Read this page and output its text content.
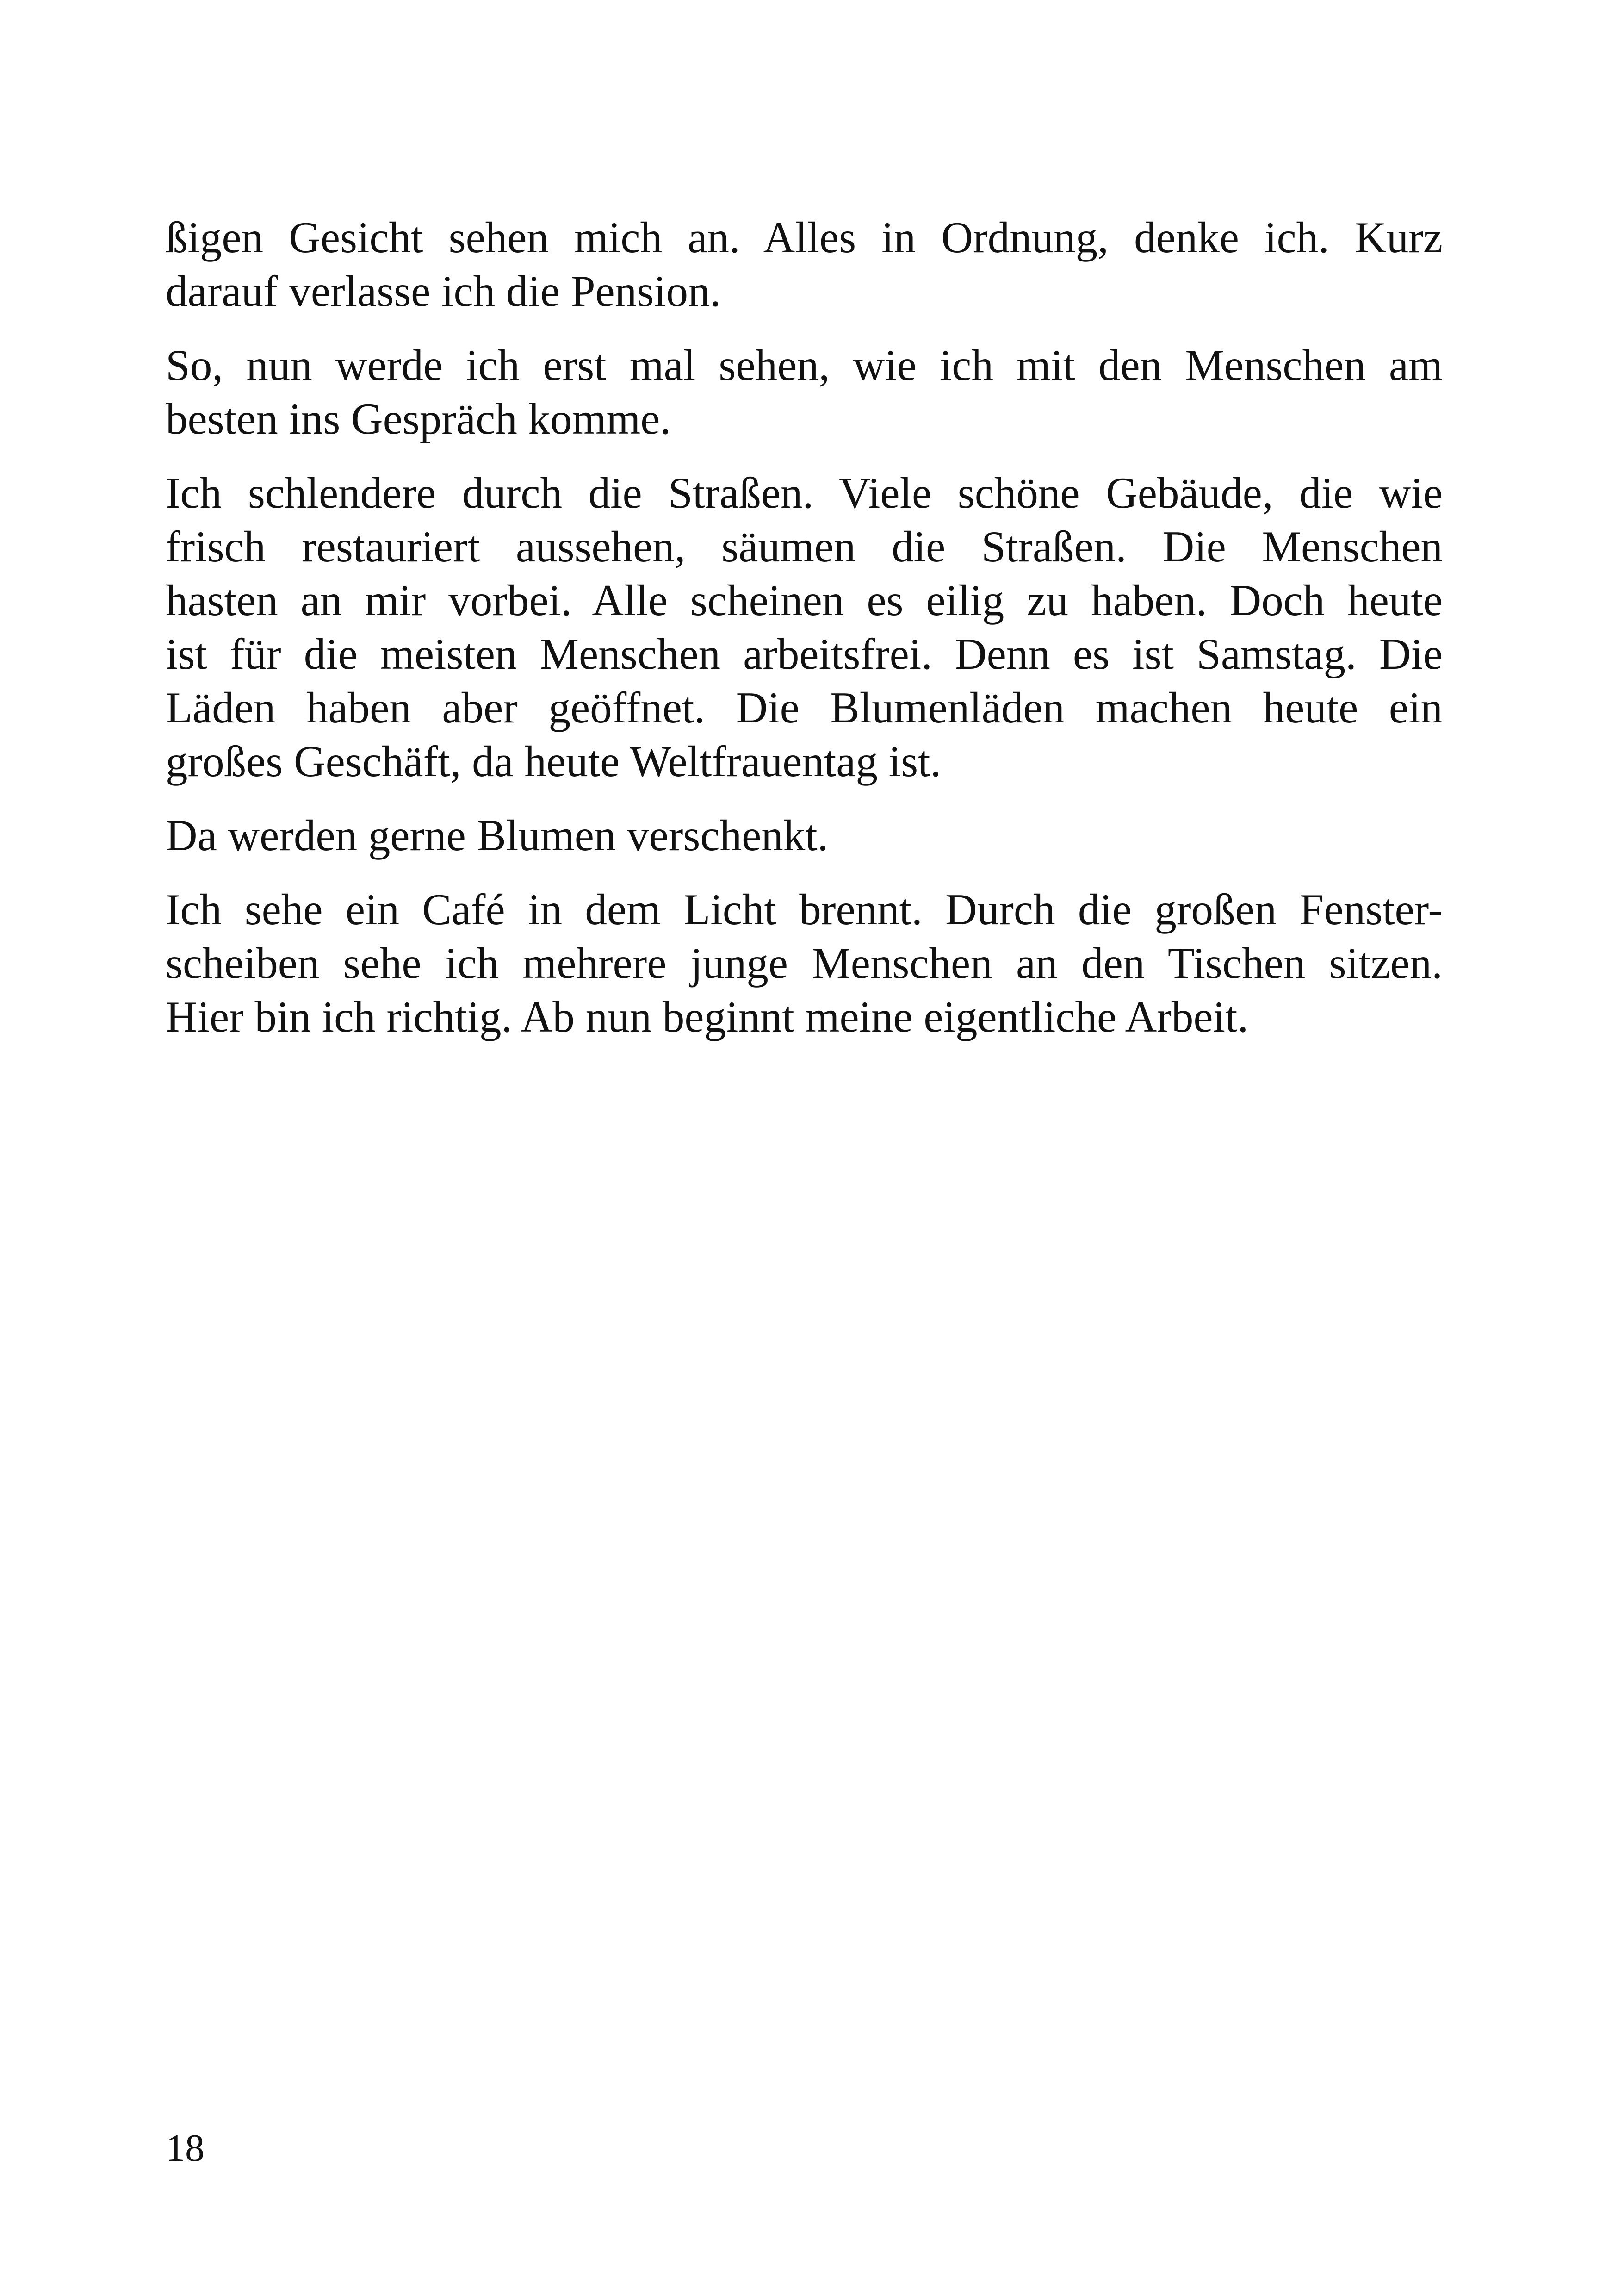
ßigen Gesicht sehen mich an. Alles in Ordnung, denke ich. Kurz
darauf verlasse ich die Pension.

So, nun werde ich erst mal sehen, wie ich mit den Menschen am
besten ins Gespräch komme.

Ich schlendere durch die Straßen. Viele schöne Gebäude, die wie
frisch restauriert aussehen, säumen die Straßen. Die Menschen
hasten an mir vorbei. Alle scheinen es eilig zu haben. Doch heute
ist für die meisten Menschen arbeitsfrei. Denn es ist Samstag. Die
Läden haben aber geöffnet. Die Blumenläden machen heute ein
großes Geschäft, da heute Weltfrauentag ist.

Da werden gerne Blumen verschenkt.

Ich sehe ein Café in dem Licht brennt. Durch die großen Fenster-
scheiben sehe ich mehrere junge Menschen an den Tischen sitzen.
Hier bin ich richtig. Ab nun beginnt meine eigentliche Arbeit.

18
